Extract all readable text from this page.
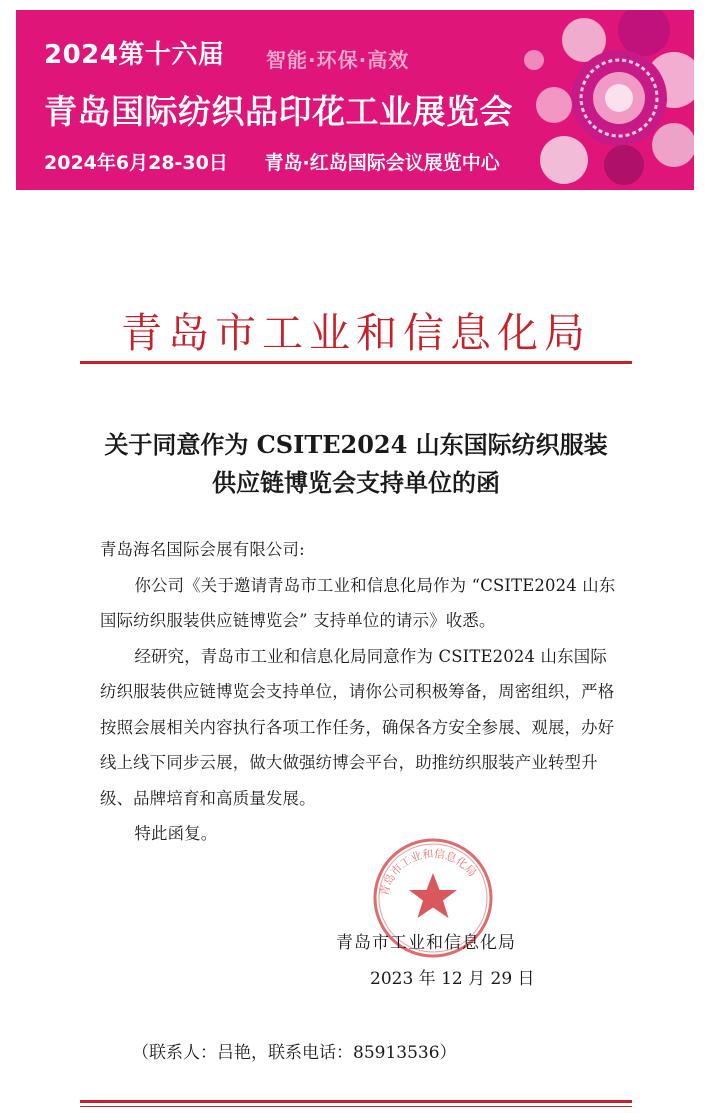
2024第十六届 智能·环保·高效
青岛国际纺织品印花工业展览会
2024年6月28-30日 青岛·红岛国际会议展览中心
青岛市工业和信息化局
关于同意作为 CSITE2024 山东国际纺织服装
供应链博览会支持单位的函

青岛海名国际会展有限公司:

你公司《关于邀请青岛市工业和信息化局作为 “CSITE2024 山东国际纺织服装供应链博览会” 支持单位的请示》收悉。

经研究，青岛市工业和信息化局同意作为 CSITE2024 山东国际纺织服装供应链博览会支持单位，请你公司积极筹备，周密组织，严格按照会展相关内容执行各项工作任务，确保各方安全参展、观展，办好线上线下同步云展，做大做强纺博会平台，助推纺织服装产业转型升级、品牌培育和高质量发展。

特此函复。

青岛市工业和信息化局
青岛市工业和信息化局
2023 年 12 月 29 日
（联系人：吕艳，联系电话：85913536）
